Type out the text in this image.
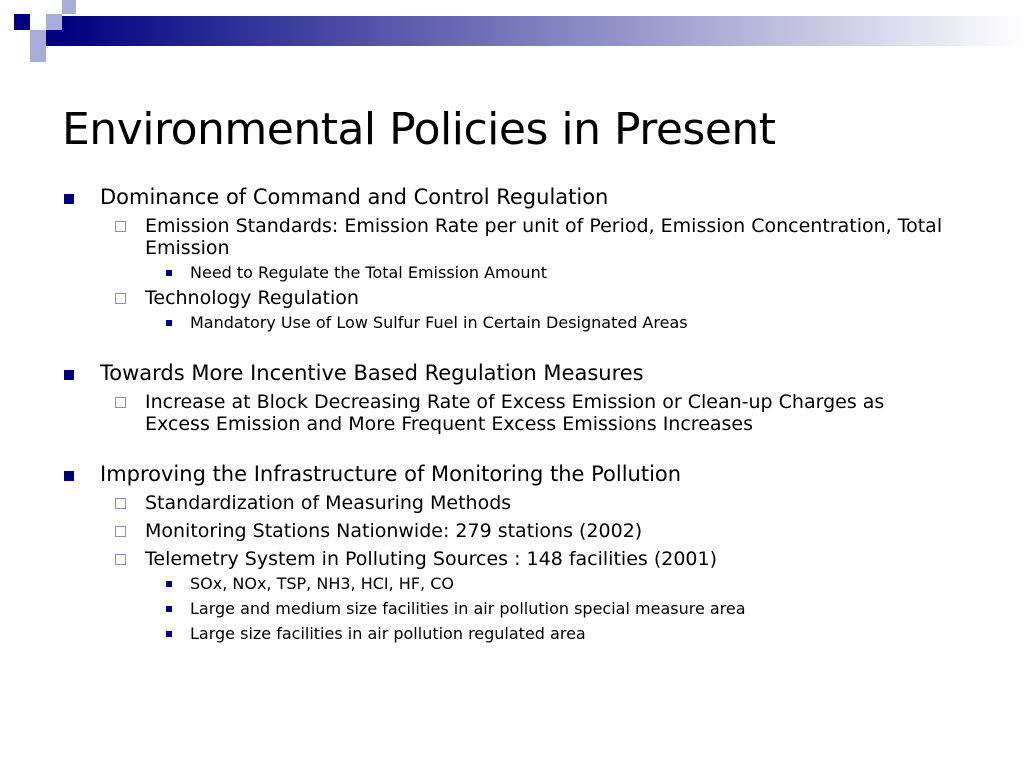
Environmental Policies in Present
Dominance of Command and Control Regulation
Emission Standards: Emission Rate per unit of Period, Emission Concentration, Total Emission
Need to Regulate the Total Emission Amount
Technology Regulation
Mandatory Use of Low Sulfur Fuel in Certain Designated Areas
Towards More Incentive Based Regulation Measures
Increase at Block Decreasing Rate of Excess Emission or Clean-up Charges as Excess Emission and More Frequent Excess Emissions Increases
Improving the Infrastructure of Monitoring the Pollution
Standardization of Measuring Methods
Monitoring Stations Nationwide: 279 stations (2002)
Telemetry System in Polluting Sources : 148 facilities (2001)
SOx, NOx, TSP, NH3, HCI, HF, CO
Large and medium size facilities in air pollution special measure area
Large size facilities in air pollution regulated area
